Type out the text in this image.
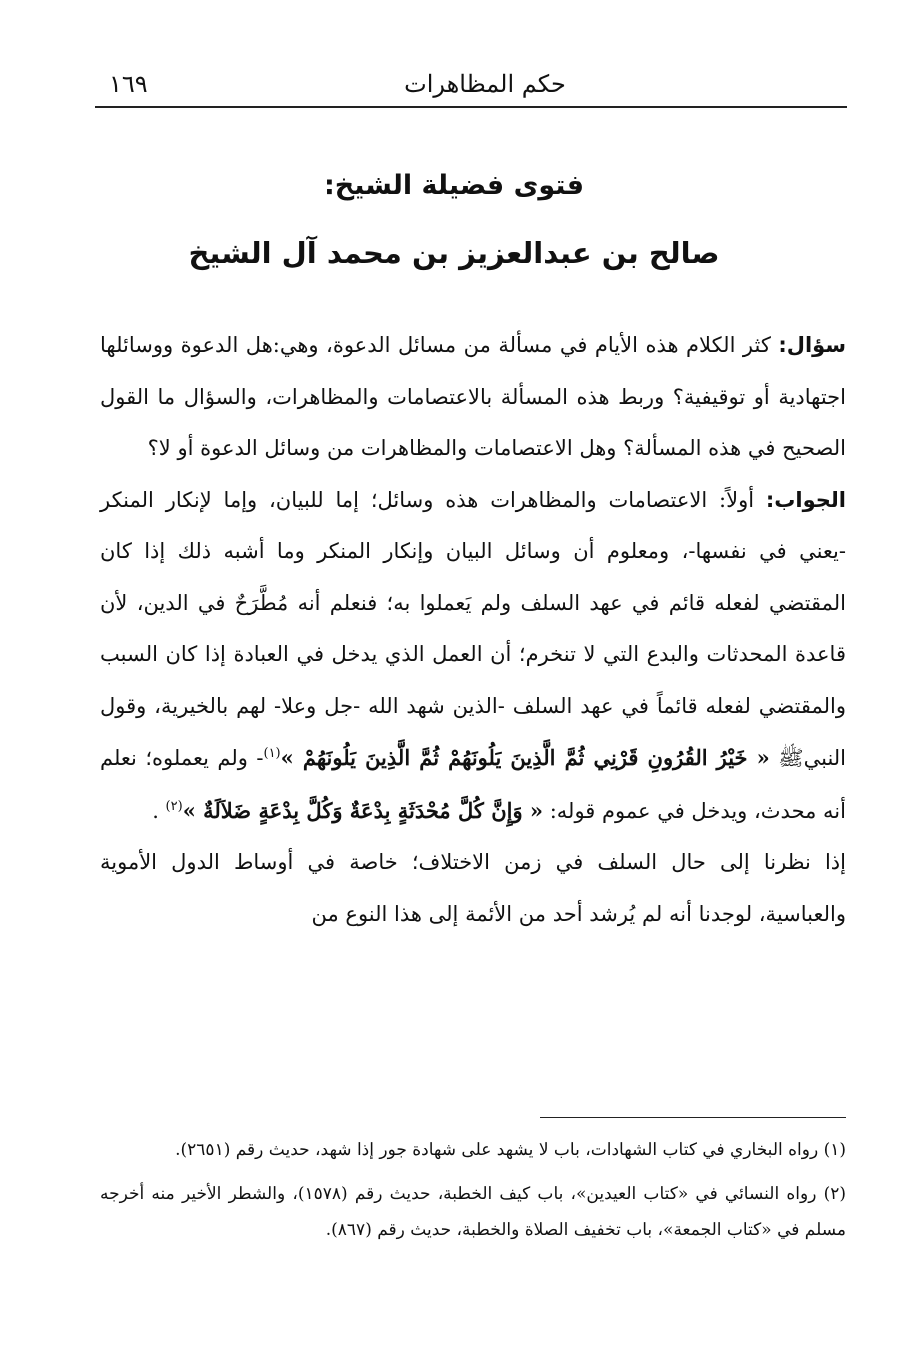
١٦٩	حكم المظاهرات
فتوى فضيلة الشيخ:
صالح بن عبدالعزيز بن محمد آل الشيخ

سؤال: كثر الكلام هذه الأيام في مسألة من مسائل الدعوة، وهي:هل الدعوة ووسائلها اجتهادية أو توقيفية؟ وربط هذه المسألة بالاعتصامات والمظاهرات، والسؤال ما القول الصحيح في هذه المسألة؟ وهل الاعتصامات والمظاهرات من وسائل الدعوة أو لا؟

الجواب: أولاً: الاعتصامات والمظاهرات هذه وسائل؛ إما للبيان، وإما لإنكار المنكر -يعني في نفسها-، ومعلوم أن وسائل البيان وإنكار المنكر وما أشبه ذلك إذا كان المقتضي لفعله قائم في عهد السلف ولم يَعملوا به؛ فنعلم أنه مُطَّرَحٌ في الدين، لأن قاعدة المحدثات والبدع التي لا تنخرم؛ أن العمل الذي يدخل في العبادة إذا كان السبب والمقتضي لفعله قائماً في عهد السلف -الذين شهد الله -جل وعلا- لهم بالخيرية، وقول النبيﷺ « خَيْرُ القُرُونِ قَرْنِي ثُمَّ الَّذِينَ يَلُونَهُمْ ثُمَّ الَّذِينَ يَلُونَهُمْ »$^{(١)}$- ولم يعملوه؛ نعلم أنه محدث، ويدخل في عموم قوله: « وَإِنَّ كُلَّ مُحْدَثَةٍ بِدْعَةٌ وَكُلَّ بِدْعَةٍ ضَلاَلَةٌ »$^{(٢)}$ .

إذا نظرنا إلى حال السلف في زمن الاختلاف؛ خاصة في أوساط الدول الأموية والعباسية، لوجدنا أنه لم يُرشد أحد من الأئمة إلى هذا النوع من

(١) رواه البخاري في كتاب الشهادات، باب لا يشهد على شهادة جور إذا شهد، حديث رقم (٢٦٥١).

(٢) رواه النسائي في «كتاب العيدين»، باب كيف الخطبة، حديث رقم (١٥٧٨)، والشطر الأخير منه أخرجه مسلم في «كتاب الجمعة»، باب تخفيف الصلاة والخطبة، حديث رقم (٨٦٧).
